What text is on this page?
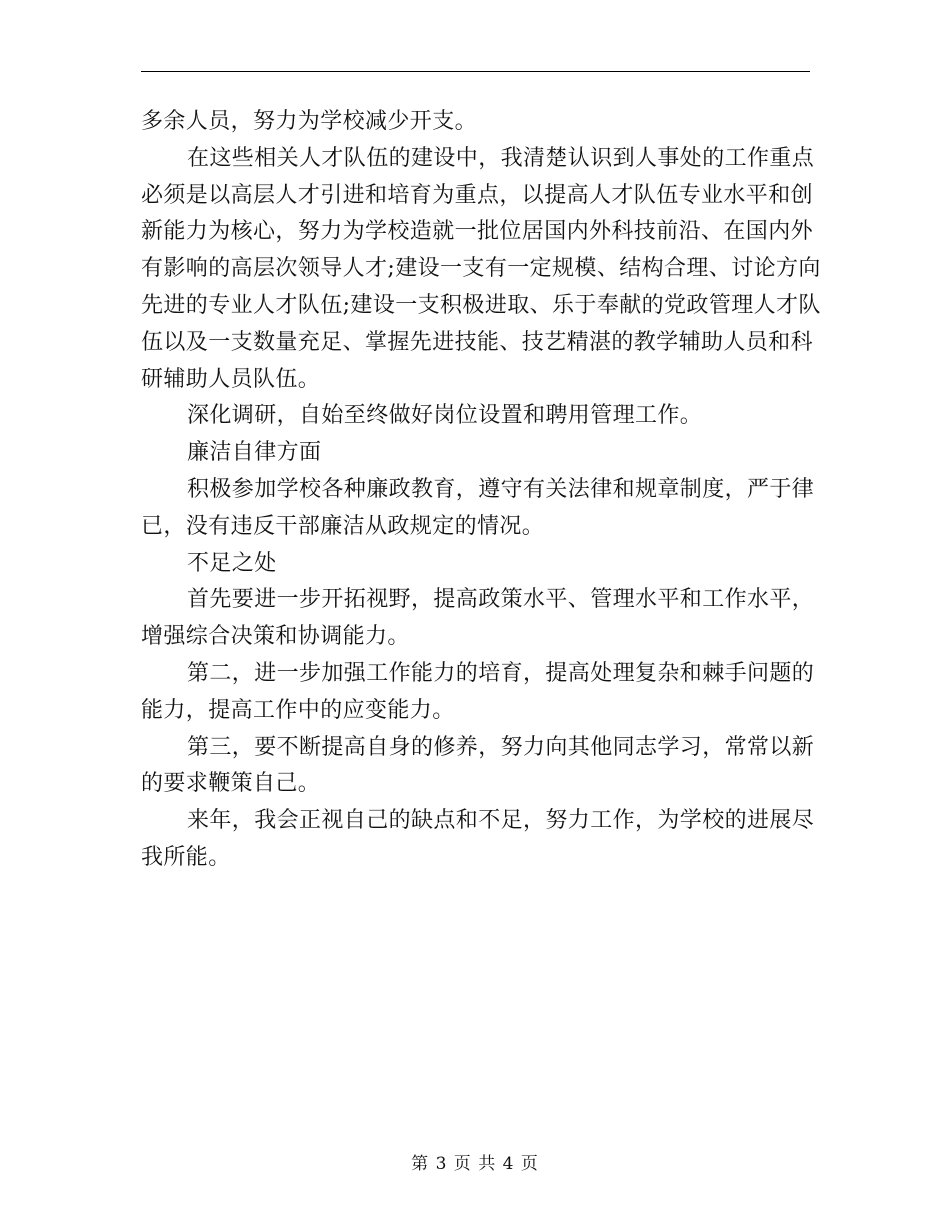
多余人员，努力为学校减少开支。
在这些相关人才队伍的建设中，我清楚认识到人事处的工作重点
必须是以高层人才引进和培育为重点，以提高人才队伍专业水平和创
新能力为核心，努力为学校造就一批位居国内外科技前沿、在国内外
有影响的高层次领导人才;建设一支有一定规模、结构合理、讨论方向
先进的专业人才队伍;建设一支积极进取、乐于奉献的党政管理人才队
伍以及一支数量充足、掌握先进技能、技艺精湛的教学辅助人员和科
研辅助人员队伍。
深化调研，自始至终做好岗位设置和聘用管理工作。
廉洁自律方面
积极参加学校各种廉政教育，遵守有关法律和规章制度，严于律
已，没有违反干部廉洁从政规定的情况。
不足之处
首先要进一步开拓视野，提高政策水平、管理水平和工作水平，
增强综合决策和协调能力。
第二，进一步加强工作能力的培育，提高处理复杂和棘手问题的
能力，提高工作中的应变能力。
第三，要不断提高自身的修养，努力向其他同志学习，常常以新
的要求鞭策自己。
来年，我会正视自己的缺点和不足，努力工作，为学校的进展尽
我所能。
第 3 页 共 4 页
